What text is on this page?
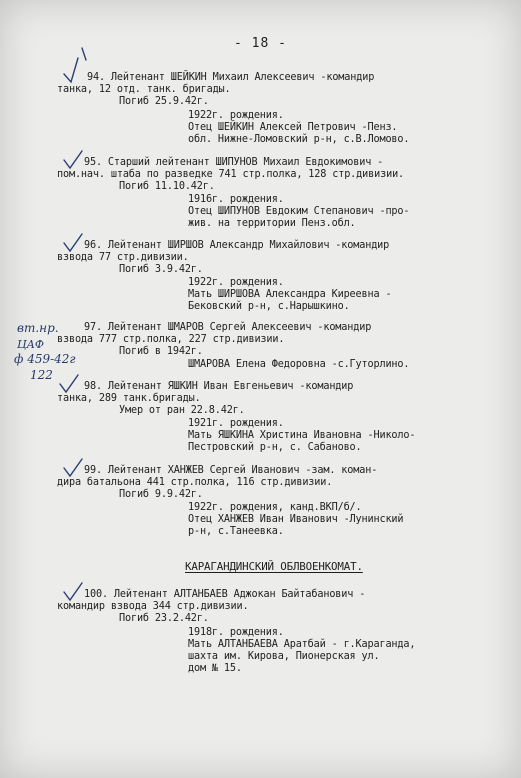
- 18 -
94. Лейтенант ШЕЙКИН Михаил Алексеевич -командир
танка, 12 отд. танк. бригады.
Погиб 25.9.42г.
1922г. рождения.
Отец ШЕЙКИН Алексей Петрович -Пенз.
обл. Нижне-Ломовский р-н, с.В.Ломово.
95. Старший лейтенант ШИПУНОВ Михаил Евдокимович -
пом.нач. штаба по разведке 741 стр.полка, 128 стр.дивизии.
Погиб 11.10.42г.
1916г. рождения.
Отец ШИПУНОВ Евдоким Степанович -про-
жив. на территории Пенз.обл.
96. Лейтенант ШИРШОВ Александр Михайлович -командир
взвода 77 стр.дивизии.
Погиб 3.9.42г.
1922г. рождения.
Мать ШИРШОВА Александра Киреевна -
Бековский р-н, с.Нарышкино.
97. Лейтенант ШМАРОВ Сергей Алексеевич -командир
взвода 777 стр.полка, 227 стр.дивизии.
Погиб в 1942г.
ШМАРОВА Елена Федоровна -с.Гуторлино.
98. Лейтенант ЯШКИН Иван Евгеньевич -командир
танка, 289 танк.бригады.
Умер от ран 22.8.42г.
1921г. рождения.
Мать ЯШКИНА Христина Ивановна -Николо-
Пестровский р-н, с. Сабаново.
99. Лейтенант ХАНЖЕВ Сергей Иванович -зам. коман-
дира батальона 441 стр.полка, 116 стр.дивизии.
Погиб 9.9.42г.
1922г. рождения, канд.ВКП/б/.
Отец ХАНЖЕВ Иван Иванович -Лунинский
р-н, с.Танеевка.
КАРАГАНДИНСКИЙ ОБЛВОЕНКОМАТ.
100. Лейтенант АЛТАНБАЕВ Аджокан Байтабанович -
командир взвода 344 стр.дивизии.
Погиб 23.2.42г.
1918г. рождения.
Мать АЛТАНБАЕВА Аратбай - г.Караганда,
шахта им. Кирова, Пионерская ул.
дом № 15.
вт.нр.
ЦАФ
ф 459-42г
122
